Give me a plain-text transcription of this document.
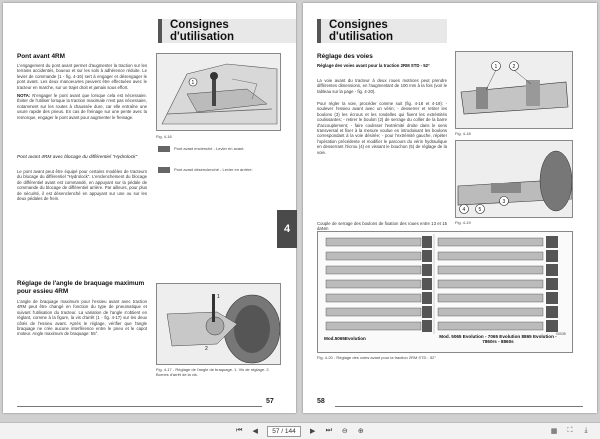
Consignes d'utilisation
Pont avant 4RM

L'engagement du pont avant permet d'augmenter la traction sur les terrains accidentés, boueux et sur les sols à adhérence réduite. Le levier de commande (1 - fig. 4-16) sert à engager et désengager le pont avant. Les deux manoeuvres peuvent être effectuées avec le tracteur en marche, sur un trajet droit et jamais sous effort.

NOTA: N'engager le pont avant que lorsque cela est nécessaire. Éviter de l'utiliser lorsque la traction maximale n'est pas nécessaire, notamment sur les routes à chaussée dure, car elle entraîne une usure rapide des pneus. En cas de freinage sur une pente avec la remorque, engager le pont avant pour augmenter le freinage.

1
Fig. 4-16
Pont avant enclenché - Levier en avant.
Pont avant désenclenché - Levier en arrière.
Pont avant 4RM avec blocage du différentiel "Hydrolock"
Le pont avant peut être équipé pour certains modèles de tracteurs du blocage du différentiel "Hydrolock". L'enclenchement du blocage de différentiel avant est commandé, en appuyant sur la pédale de commande du blocage de différentiel arrière. Par ailleurs, pour plus de sécurité, il est désenclenché en appuyant sur une ou sur les deux pédales de frein.
Réglage de l'angle de braquage maximum pour essieu 4RM
L'angle de braquage maximum pour l'essieu avant avec traction 4RM peut être changé en fonction du type de pneumatique et suivant l'utilisation du tracteur. La variation de l'angle s'obtient en réglant, comme à la figure, la vis d'arrêt (1 - fig. 4-17) sur les deux côtés de l'essieu avant. Après le réglage, vérifier que l'angle braquage ne crée aucune interférence entre le pneu et le capot moteur. Angle maximum de braquage: 55°.
1
2
Fig. 4-17 - Réglage de l'angle de braquage. 1. Vis de réglage. 2. Bornes d'arrêt de la vis.
57
4
Consignes d'utilisation
Réglage des voies
Réglage des voies avant pour la traction 2RM STD - 52°
La voie avant du tracteur à deux roues motrices peut prendre différentes dimensions, en l'augmentant de 100 mm à la fois (voir le tableau sur la page - fig. 4-20).
Pour régler la voie, procéder comme suit (fig. 4-18 et 4-19): - soulever l'essieu avant avec un vérin; - desserrer et retirer les boulons (3) les écrous et les rondelles qui fixent les extrémités coulissantes; - retirer le boulon (2) de serrage du collier de la barre d'accouplement; - faire coulisser l'extrémité droite dans le sens transversal et fixer à la mesure voulue en introduisant les boulons correspondant à la voie désirée; - pour l'extrémité gauche, répéter l'opération précédente et modifier le parcours du vérin hydraulique en desserrant l'écrou (4) en vissant le bouchon (5) de réglage de la voie.
Couple de serrage des boulons de fixation des roues entre 13 et 15 daNm
1	2
Fig. 4-18
3
4	5
Fig. 4-19
Mod.5065Evolution	Mod. 5065 Evolution - 7065 Evolution 8865 Evolution - 7860rs - 8860s
00035
Fig. 4-20 - Réglage des voies avant pour la traction 2RM STD - 52°
58
⏮	◀	57
/ 144	▶	⏭	⊖	⊕	▦	⛶	⤓
